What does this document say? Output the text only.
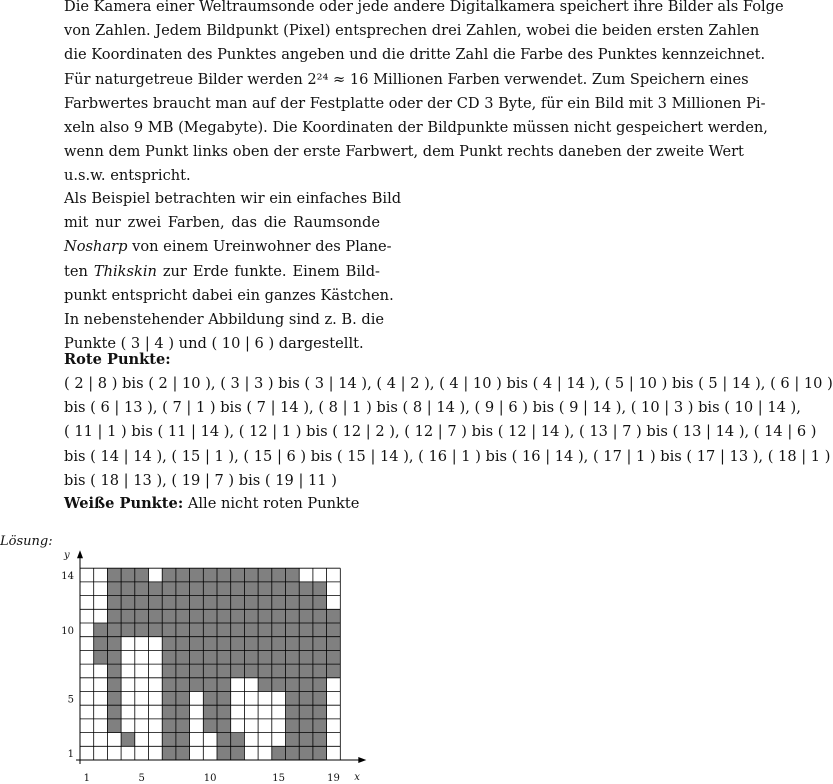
Die Kamera einer Weltraumsonde oder jede andere Digitalkamera speichert ihre Bilder als Folge
von Zahlen. Jedem Bildpunkt (Pixel) entsprechen drei Zahlen, wobei die beiden ersten Zahlen
die Koordinaten des Punktes angeben und die dritte Zahl die Farbe des Punktes kennzeichnet.
Für naturgetreue Bilder werden 2²⁴ ≈ 16 Millionen Farben verwendet. Zum Speichern eines
Farbwertes braucht man auf der Festplatte oder der CD 3 Byte, für ein Bild mit 3 Millionen Pi-
xeln also 9 MB (Megabyte). Die Koordinaten der Bildpunkte müssen nicht gespeichert werden,
wenn dem Punkt links oben der erste Farbwert, dem Punkt rechts daneben der zweite Wert
u.s.w. entspricht.
Als Beispiel betrachten wir ein einfaches Bild
mit nur zwei Farben, das die Raumsonde
Nosharp von einem Ureinwohner des Plane-
ten Thikskin zur Erde funkte. Einem Bild-
punkt entspricht dabei ein ganzes Kästchen.
In nebenstehender Abbildung sind z. B. die
Punkte ( 3 | 4 ) und ( 10 | 6 ) dargestellt.
Rote Punkte:
( 2 | 8 ) bis ( 2 | 10 ), ( 3 | 3 ) bis ( 3 | 14 ), ( 4 | 2 ), ( 4 | 10 ) bis ( 4 | 14 ), ( 5 | 10 ) bis ( 5 | 14 ), ( 6 | 10 )
bis ( 6 | 13 ), ( 7 | 1 ) bis ( 7 | 14 ), ( 8 | 1 ) bis ( 8 | 14 ), ( 9 | 6 ) bis ( 9 | 14 ), ( 10 | 3 ) bis ( 10 | 14 ),
( 11 | 1 ) bis ( 11 | 14 ), ( 12 | 1 ) bis ( 12 | 2 ), ( 12 | 7 ) bis ( 12 | 14 ), ( 13 | 7 ) bis ( 13 | 14 ), ( 14 | 6 )
bis ( 14 | 14 ), ( 15 | 1 ), ( 15 | 6 ) bis ( 15 | 14 ), ( 16 | 1 ) bis ( 16 | 14 ), ( 17 | 1 ) bis ( 17 | 13 ), ( 18 | 1 )
bis ( 18 | 13 ), ( 19 | 7 ) bis ( 19 | 11 )
Weiße Punkte: Alle nicht roten Punkte
Lösung:
x
y
1	5	10	15	19
1
5
10
14
